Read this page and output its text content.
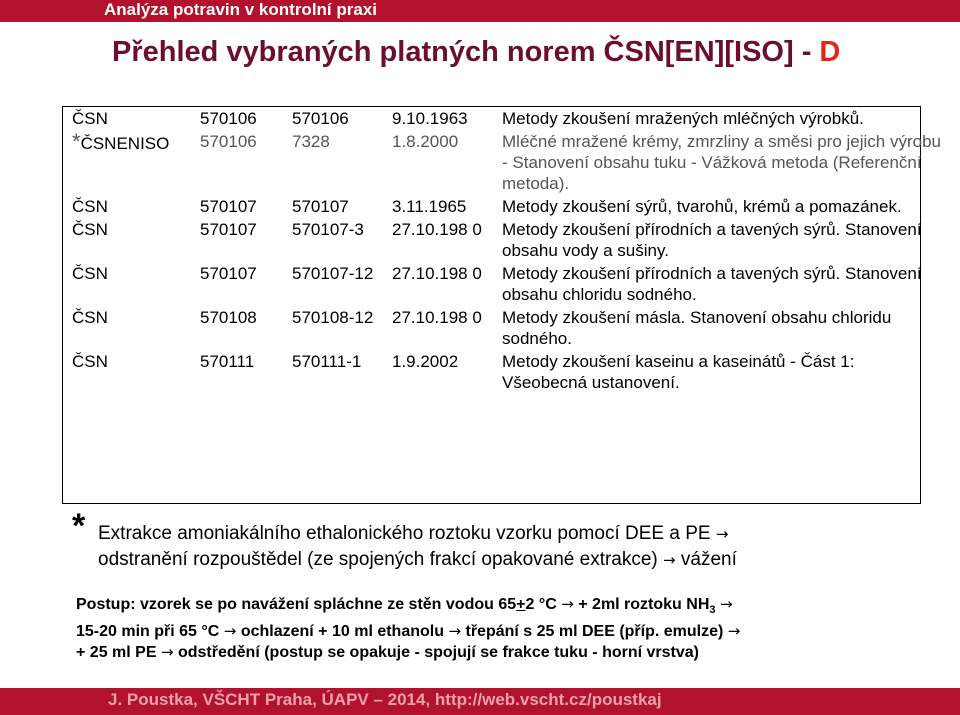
Analýza potravin v kontrolní praxi
Přehled vybraných platných norem ČSN[EN][ISO] - D
ČSN	570106	570106	9.10.1963	Metody zkoušení mražených mléčných výrobků.
*ČSNENISO	570106	7328	1.8.2000	Mléčné mražené krémy, zmrzliny a směsi pro jejich výrobu - Stanovení obsahu tuku - Vážková metoda (Referenční metoda).
ČSN	570107	570107	3.11.1965	Metody zkoušení sýrů, tvarohů, krémů a pomazánek.
ČSN	570107	570107-3	27.10.198 0	Metody zkoušení přírodních a tavených sýrů. Stanovení obsahu vody a sušiny.
ČSN	570107	570107-12	27.10.198 0	Metody zkoušení přírodních a tavených sýrů. Stanovení obsahu chloridu sodného.
ČSN	570108	570108-12	27.10.198 0	Metody zkoušení másla. Stanovení obsahu chloridu sodného.
ČSN	570111	570111-1	1.9.2002	Metody zkoušení kaseinu a kaseinátů - Část 1: Všeobecná ustanovení.
* Extrakce amoniakálního ethalonického roztoku vzorku pomocí DEE a PE →
odstranění rozpouštědel (ze spojených frakcí opakované extrakce) → vážení
Postup: vzorek se po navážení spláchne ze stěn vodou 65+2 °C → + 2ml roztoku $NH_3$ →
15-20 min při 65 °C → ochlazení + 10 ml ethanolu → třepání s 25 ml DEE (příp. emulze) →
+ 25 ml PE → odstředění (postup se opakuje - spojují se frakce tuku - horní vrstva)
J. Poustka, VŠCHT Praha, ÚAPV – 2014, http://web.vscht.cz/poustkaj
